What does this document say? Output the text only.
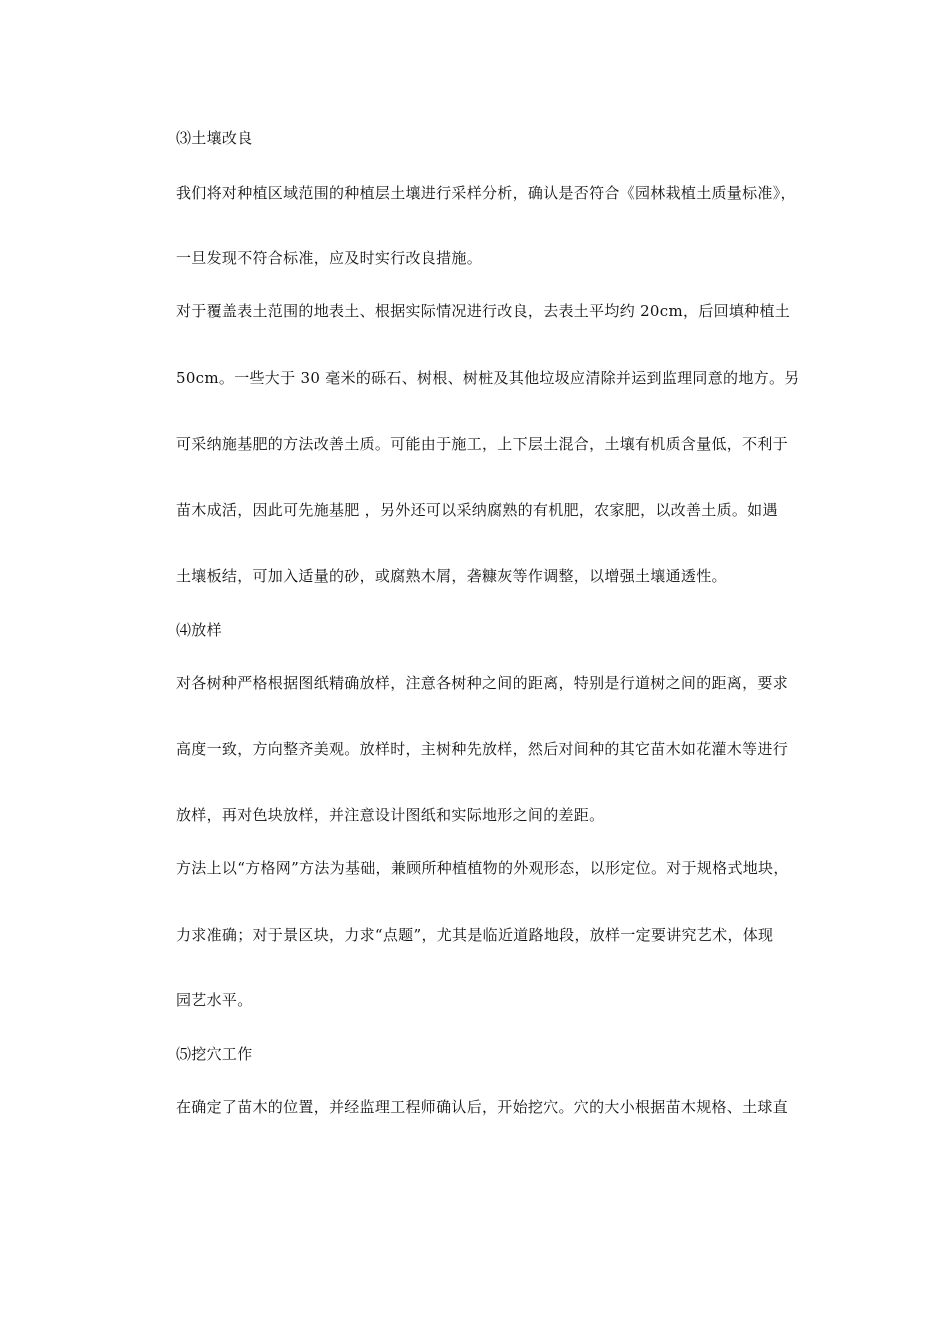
⑶土壤改良
我们将对种植区域范围的种植层土壤进行采样分析，确认是否符合《园林栽植土质量标准》，
一旦发现不符合标准，应及时实行改良措施。
对于覆盖表土范围的地表土、根据实际情况进行改良，去表土平均约 20cm，后回填种植土
50cm。一些大于 30 毫米的砾石、树根、树桩及其他垃圾应清除并运到监理同意的地方。另
可采纳施基肥的方法改善土质。可能由于施工，上下层土混合，土壤有机质含量低，不利于
苗木成活，因此可先施基肥 ，另外还可以采纳腐熟的有机肥，农家肥，以改善土质。如遇
土壤板结，可加入适量的砂，或腐熟木屑，砻糠灰等作调整，以增强土壤通透性。
⑷放样
对各树种严格根据图纸精确放样，注意各树种之间的距离，特别是行道树之间的距离，要求
高度一致，方向整齐美观。放样时，主树种先放样，然后对间种的其它苗木如花灌木等进行
放样，再对色块放样，并注意设计图纸和实际地形之间的差距。
方法上以“方格网”方法为基础，兼顾所种植植物的外观形态，以形定位。对于规格式地块，
力求准确；对于景区块，力求“点题”，尤其是临近道路地段，放样一定要讲究艺术，体现
园艺水平。
⑸挖穴工作
在确定了苗木的位置，并经监理工程师确认后，开始挖穴。穴的大小根据苗木规格、土球直
